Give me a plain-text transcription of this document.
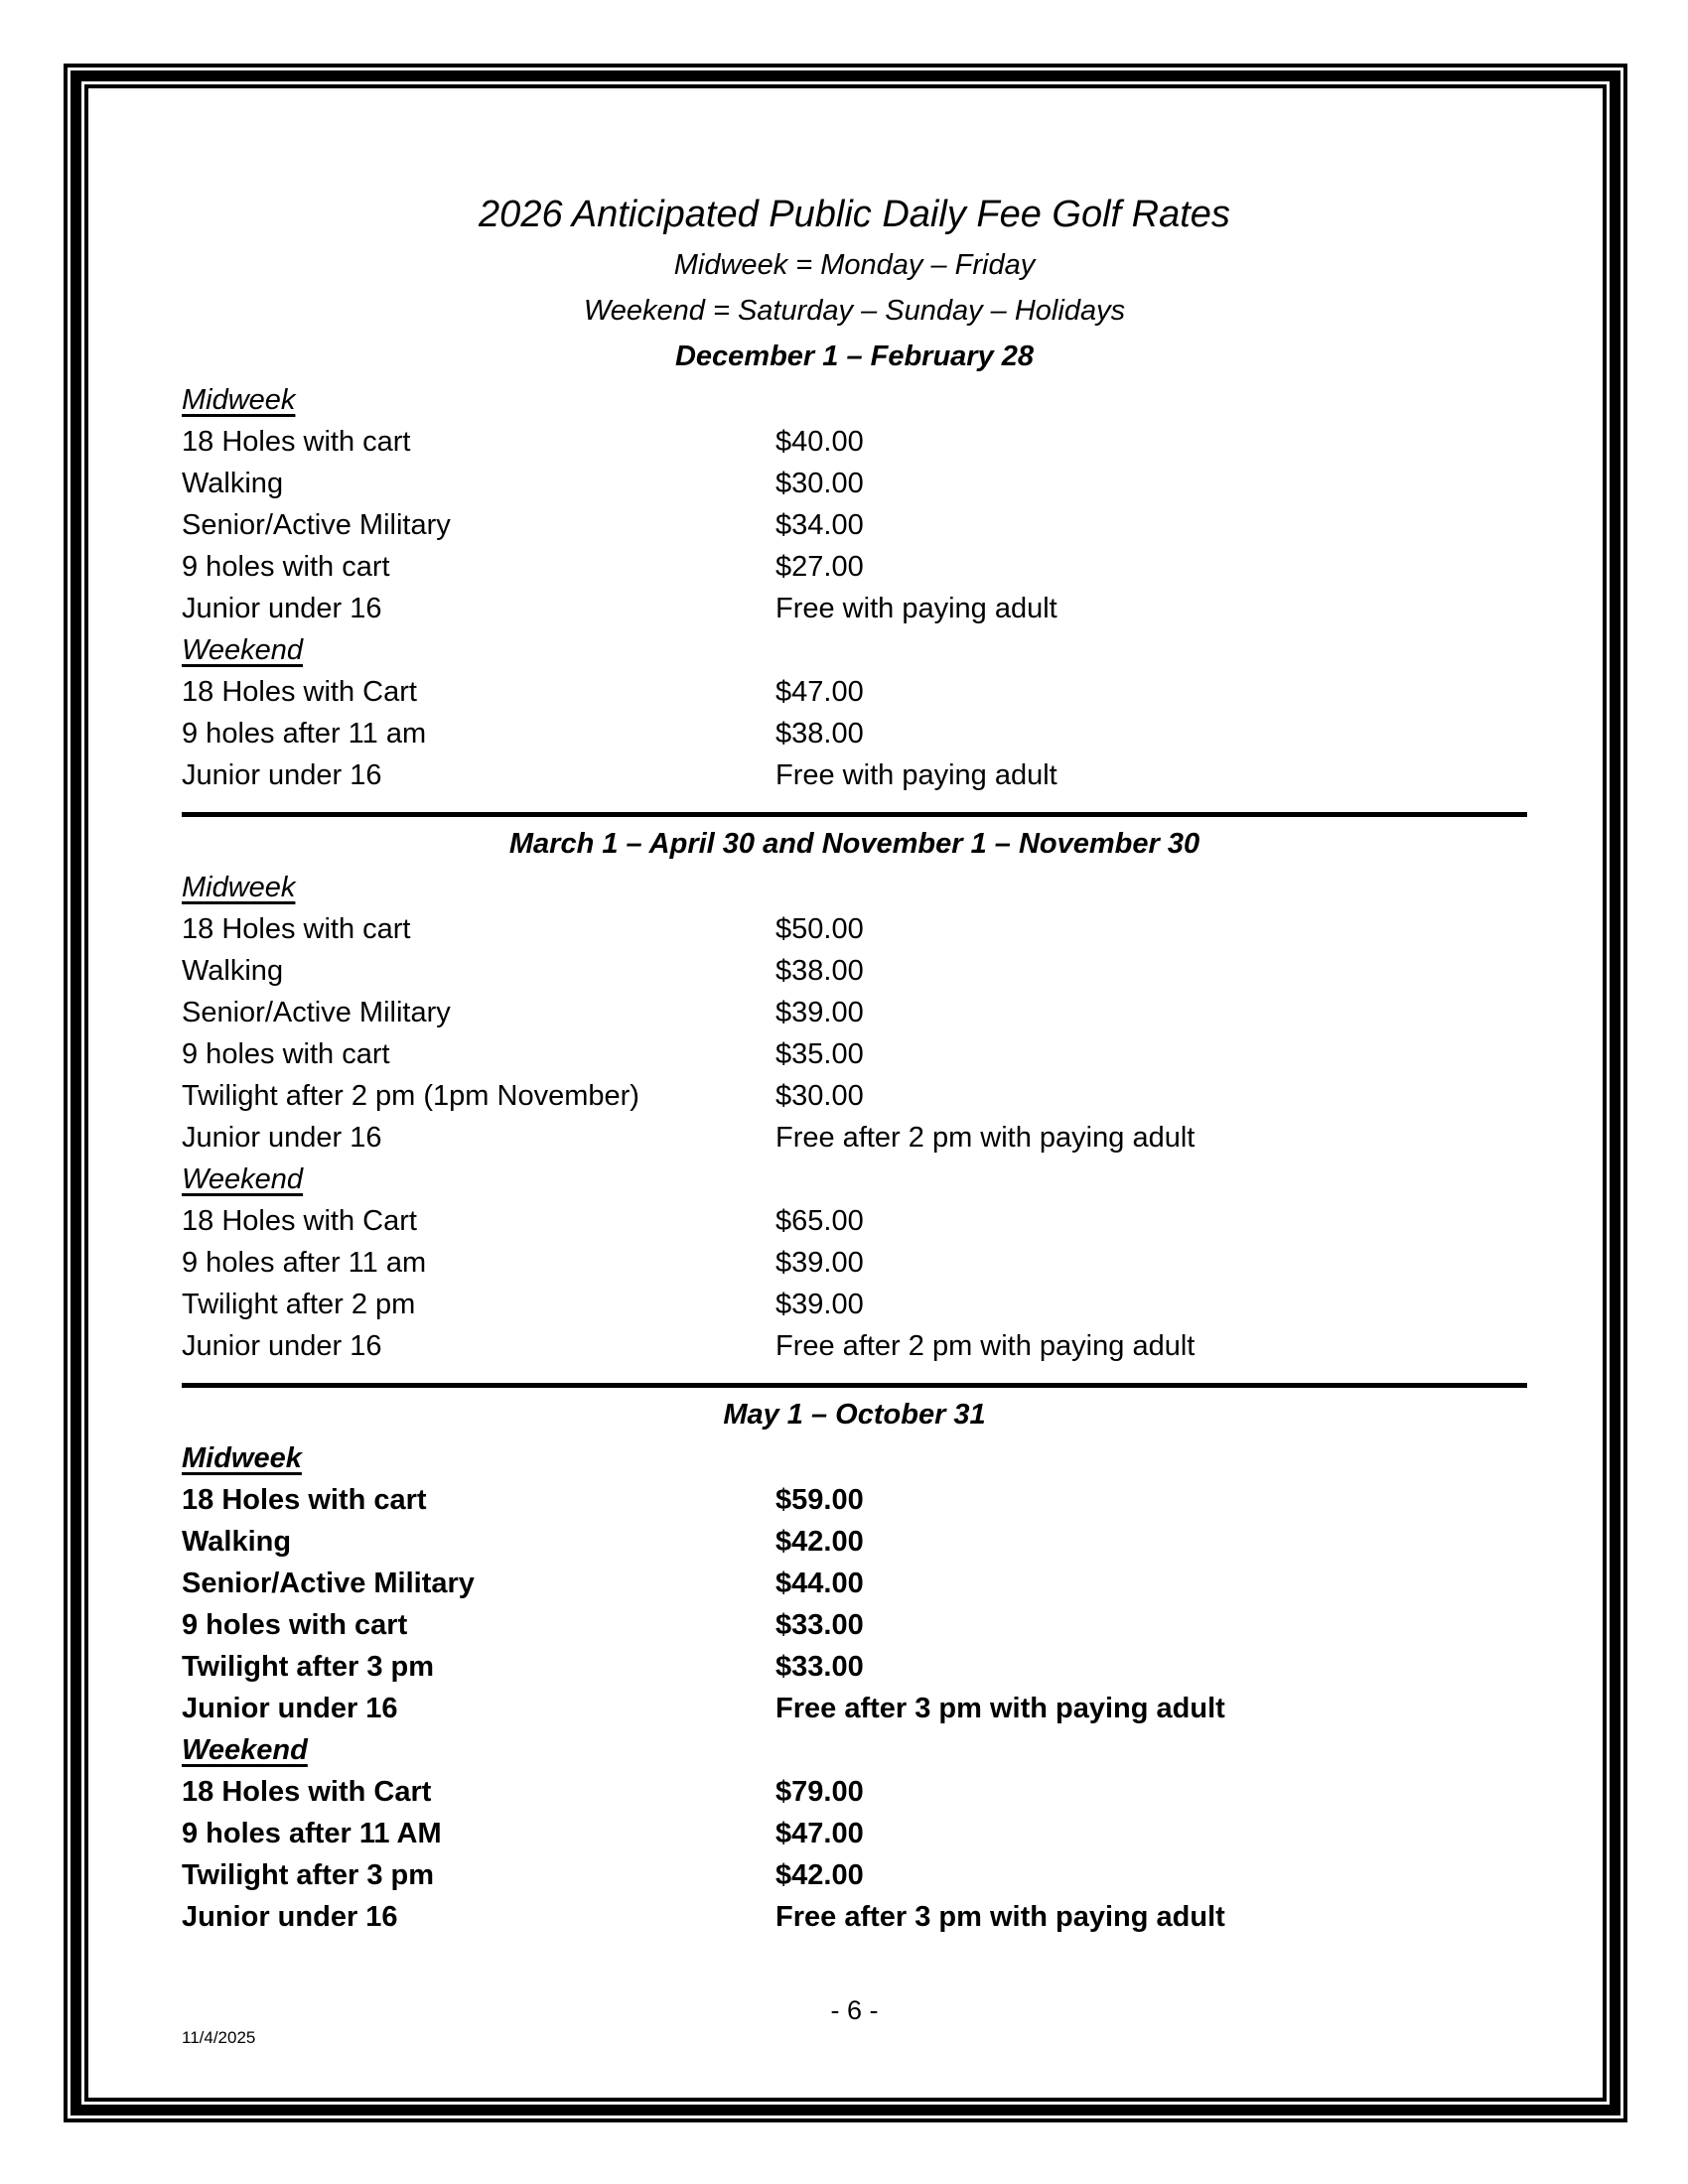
2026 Anticipated Public Daily Fee Golf Rates
Midweek = Monday – Friday
Weekend = Saturday – Sunday – Holidays
December 1 – February 28
Midweek
18 Holes with cart	$40.00
Walking	$30.00
Senior/Active Military	$34.00
9 holes with cart	$27.00
Junior under 16	Free with paying adult
Weekend
18 Holes with Cart	$47.00
9 holes after 11 am	$38.00
Junior under 16	Free with paying adult
March 1 – April 30 and November 1 – November 30
Midweek
18 Holes with cart	$50.00
Walking	$38.00
Senior/Active Military	$39.00
9 holes with cart	$35.00
Twilight after 2 pm (1pm November)	$30.00
Junior under 16	Free after 2 pm with paying adult
Weekend
18 Holes with Cart	$65.00
9 holes after 11 am	$39.00
Twilight after 2 pm	$39.00
Junior under 16	Free after 2 pm with paying adult
May 1 – October 31
Midweek
18 Holes with cart	$59.00
Walking	$42.00
Senior/Active Military	$44.00
9 holes with cart	$33.00
Twilight after 3 pm	$33.00
Junior under 16	Free after 3 pm with paying adult
Weekend
18 Holes with Cart	$79.00
9 holes after 11 AM	$47.00
Twilight after 3 pm	$42.00
Junior under 16	Free after 3 pm with paying adult
- 6 -
11/4/2025
